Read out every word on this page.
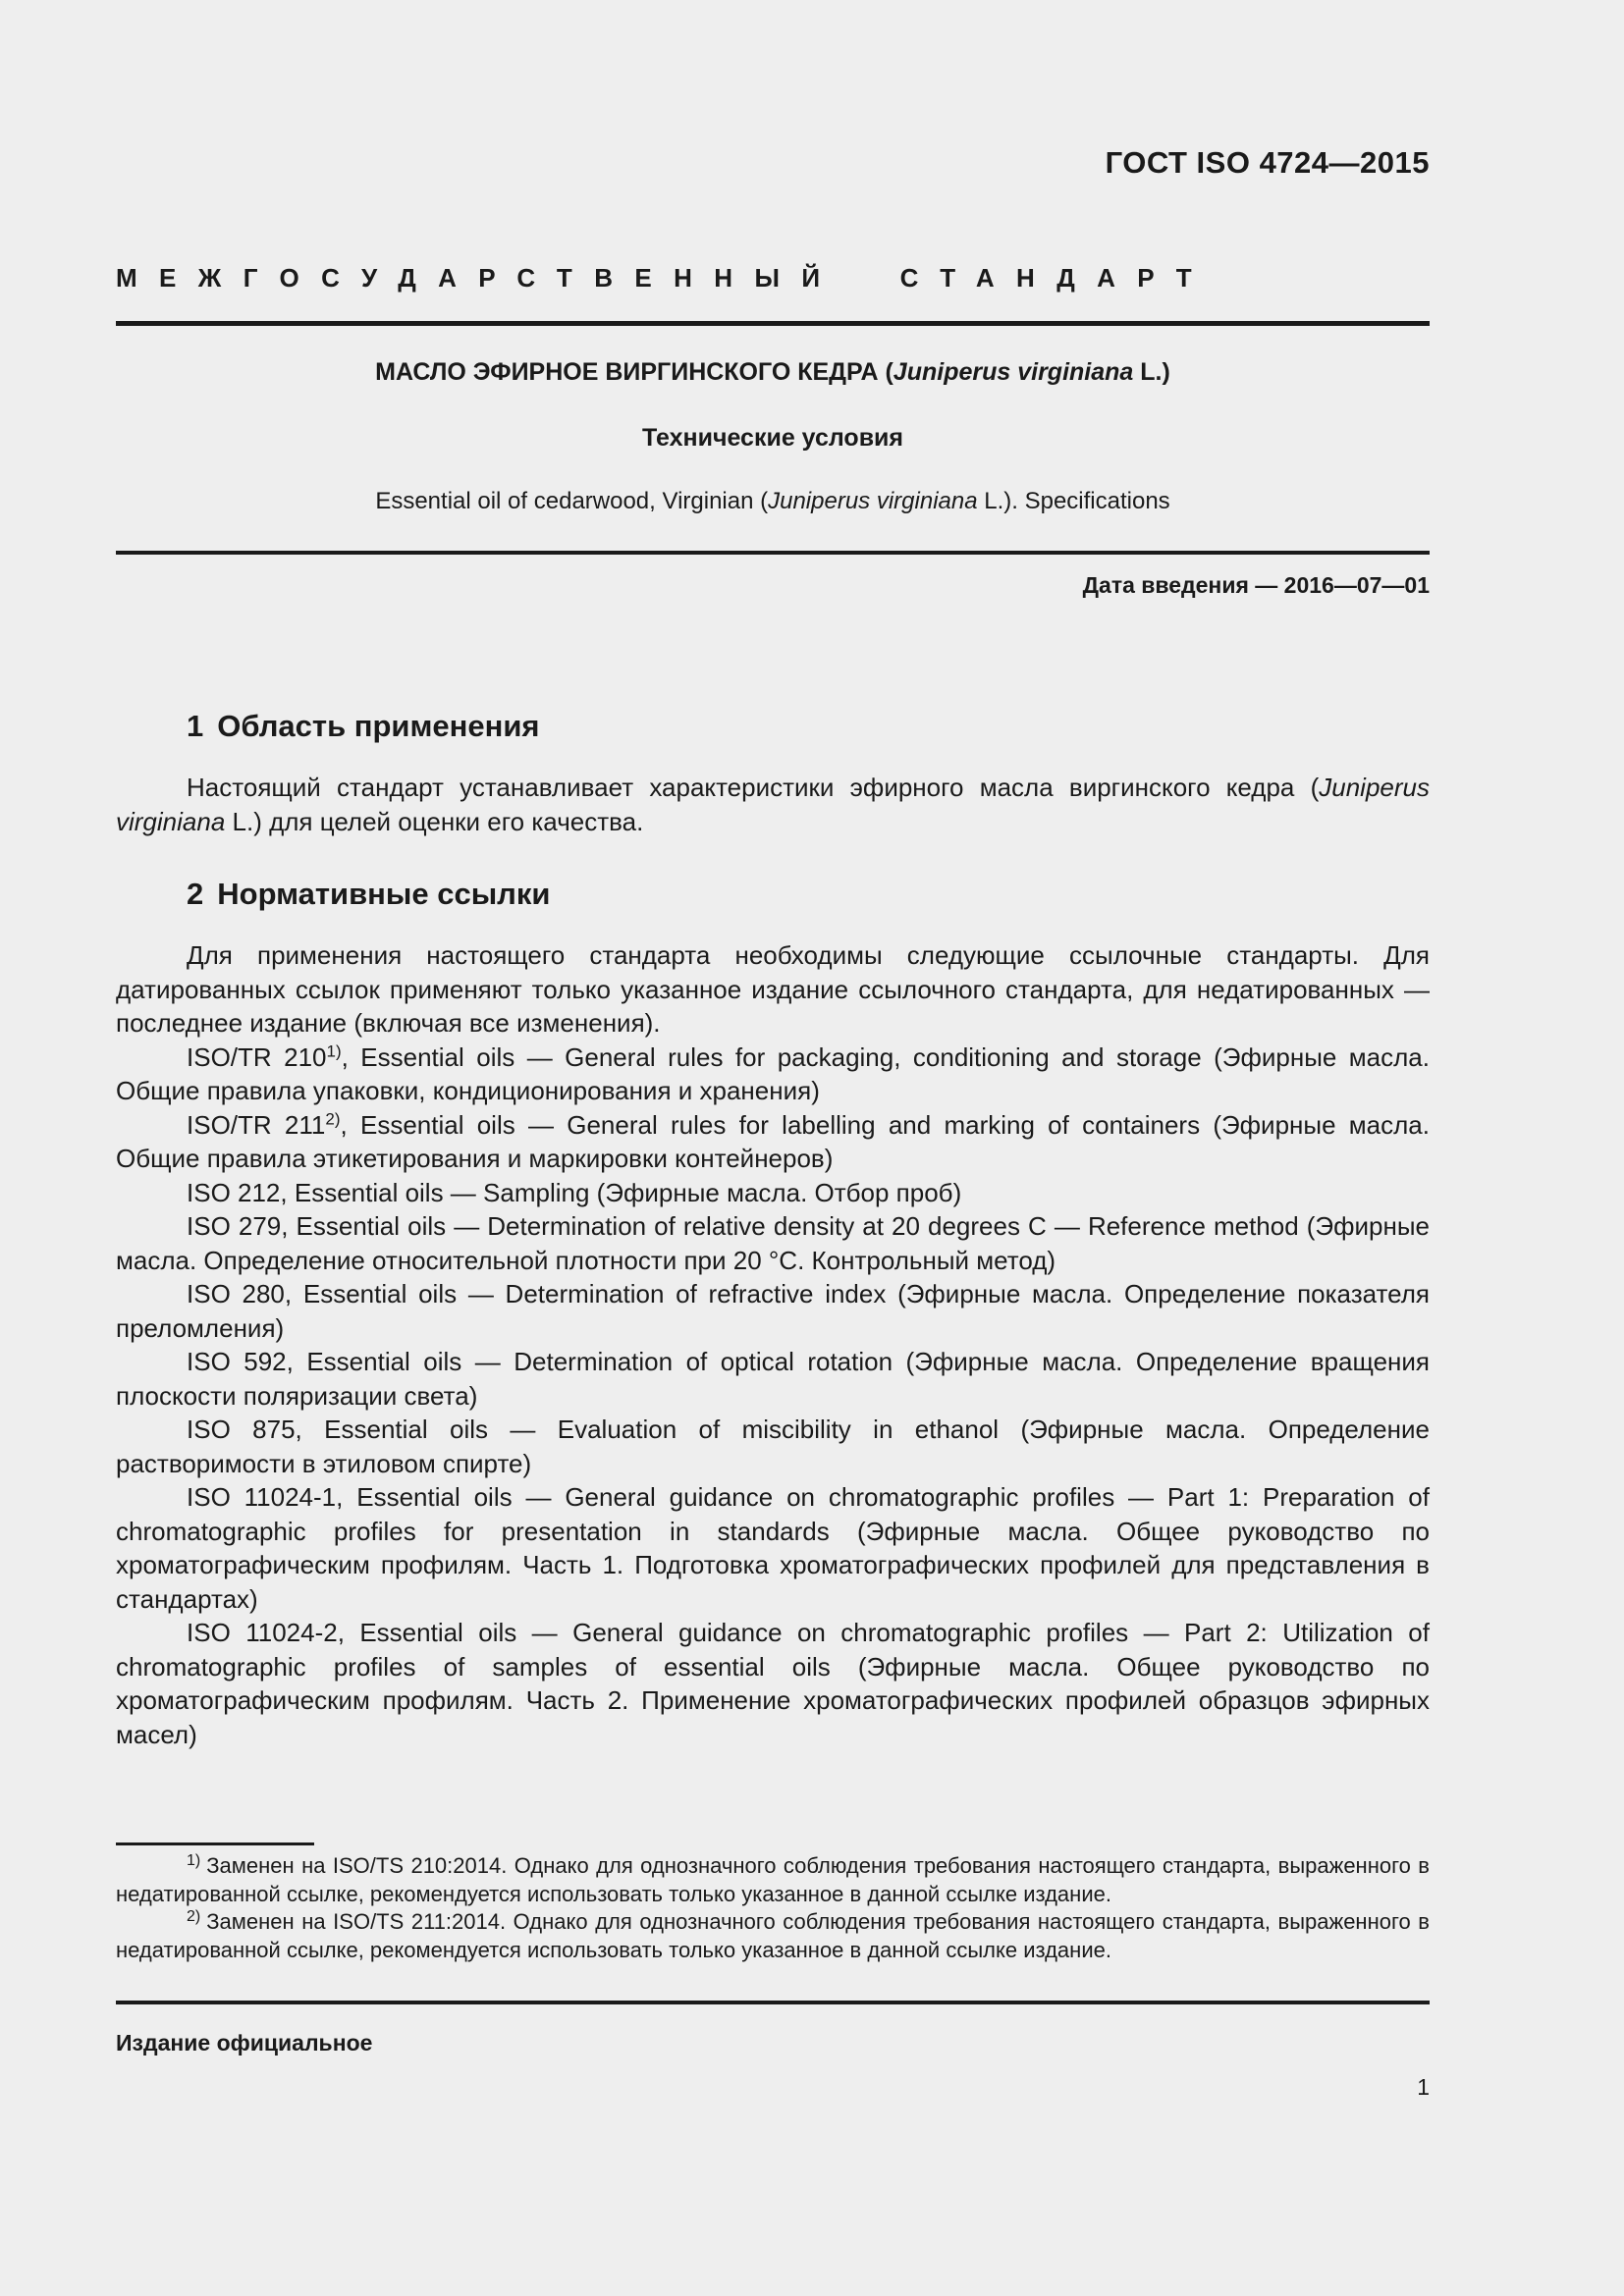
ГОСТ ISO 4724—2015
МЕЖГОСУДАРСТВЕННЫЙ  СТАНДАРТ
МАСЛО ЭФИРНОЕ ВИРГИНСКОГО КЕДРА (Juniperus virginiana L.)
Технические условия
Essential oil of cedarwood, Virginian (Juniperus virginiana L.). Specifications
Дата введения — 2016—07—01
1 Область применения

Настоящий стандарт устанавливает характеристики эфирного масла виргинского кедра (Juniperus virginiana L.) для целей оценки его качества.

2 Нормативные ссылки

Для применения настоящего стандарта необходимы следующие ссылочные стандарты. Для датированных ссылок применяют только указанное издание ссылочного стандарта, для недатированных — последнее издание (включая все изменения).

ISO/TR 210$^{1)}$, Essential oils — General rules for packaging, conditioning and storage (Эфирные масла. Общие правила упаковки, кондиционирования и хранения)

ISO/TR 211$^{2)}$, Essential oils — General rules for labelling and marking of containers (Эфирные масла. Общие правила этикетирования и маркировки контейнеров)

ISO 212, Essential oils — Sampling (Эфирные масла. Отбор проб)

ISO 279, Essential oils — Determination of relative density at 20 degrees C — Reference method (Эфирные масла. Определение относительной плотности при 20 °С. Контрольный метод)

ISO 280, Essential oils — Determination of refractive index (Эфирные масла. Определение показателя преломления)

ISO 592, Essential oils — Determination of optical rotation (Эфирные масла. Определение вращения плоскости поляризации света)

ISO 875, Essential oils — Evaluation of miscibility in ethanol (Эфирные масла. Определение растворимости в этиловом спирте)

ISO 11024-1, Essential oils — General guidance on chromatographic profiles — Part 1: Preparation of chromatographic profiles for presentation in standards (Эфирные масла. Общее руководство по хроматографическим профилям. Часть 1. Подготовка хроматографических профилей для представления в стандартах)

ISO 11024-2, Essential oils — General guidance on chromatographic profiles — Part 2: Utilization of chromatographic profiles of samples of essential oils (Эфирные масла. Общее руководство по хроматографическим профилям. Часть 2. Применение хроматографических профилей образцов эфирных масел)

$^{1)}$ Заменен на ISO/TS 210:2014. Однако для однозначного соблюдения требования настоящего стандарта, выраженного в недатированной ссылке, рекомендуется использовать только указанное в данной ссылке издание.

$^{2)}$ Заменен на ISO/TS 211:2014. Однако для однозначного соблюдения требования настоящего стандарта, выраженного в недатированной ссылке, рекомендуется использовать только указанное в данной ссылке издание.

Издание официальное
1
